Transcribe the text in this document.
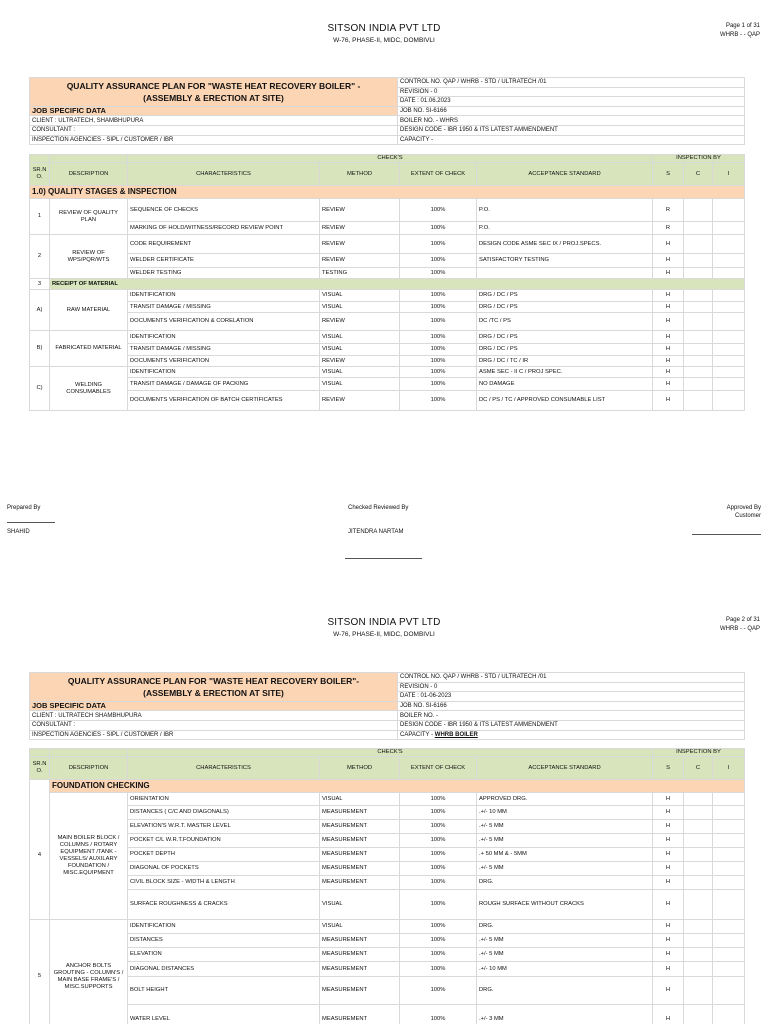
SITSON INDIA PVT LTD
W-76, PHASE-II, MIDC, DOMBIVLI
Page 1 of 31
WHRB - - QAP
QUALITY ASSURANCE PLAN FOR "WASTE HEAT RECOVERY BOILER" -
(ASSEMBLY & ERECTION AT SITE)	CONTROL NO. QAP / WHRB - STD / ULTRATECH /01
	REVISION - 0
	DATE : 01.06.2023
JOB SPECIFIC DATA	JOB NO. SI-6166
CLIENT : ULTRATECH, SHAMBHUPURA	BOILER NO. - WHRS
CONSULTANT :	DESIGN CODE - IBR 1950 & ITS LATEST AMMENDMENT
INSPECTION AGENCIES - SIPL / CUSTOMER / IBR	CAPACITY -
		CHECK'S				INSPECTION BY		
SR.N O.	DESCRIPTION	CHARACTERISTICS	METHOD	EXTENT OF CHECK	ACCEPTANCE STANDARD	S	C	I
1.0) QUALITY STAGES & INSPECTION								
1	REVIEW OF QUALITY PLAN	SEQUENCE OF CHECKS	REVIEW	100%	P.O.	R		
		MARKING OF HOLD/WITNESS/RECORD REVIEW POINT	REVIEW	100%	P.O.	R		
2	REVIEW OF WPS/PQR/WTS	CODE REQUIREMENT	REVIEW	100%	DESIGN CODE ASME SEC IX / PROJ.SPECS.	H		
		WELDER CERTIFICATE	REVIEW	100%	SATISFACTORY TESTING	H		
		WELDER TESTING	TESTING	100%		H		
3	RECEIPT OF MATERIAL							
A)	RAW MATERIAL	IDENTIFICATION	VISUAL	100%	DRG / DC / PS	H		
		TRANSIT DAMAGE / MISSING	VISUAL	100%	DRG / DC / PS	H		
		DOCUMENTS VERIFICATION & CORELATION	REVIEW	100%	DC /TC / PS	H		
B)	FABRICATED MATERIAL	IDENTIFICATION	VISUAL	100%	DRG / DC / PS	H		
		TRANSIT DAMAGE / MISSING	VISUAL	100%	DRG / DC / PS	H		
		DOCUMENTS VERIFICATION	REVIEW	100%	DRG / DC / TC / IR	H		
C)	WELDING CONSUMABLES	IDENTIFICATION	VISUAL	100%	ASME SEC - II C / PROJ SPEC.	H		
		TRANSIT DAMAGE / DAMAGE OF PACKING	VISUAL	100%	NO DAMAGE	H		
		DOCUMENTS VERIFICATION OF BATCH CERTIFICATES	REVIEW	100%	DC / PS / TC / APPROVED CONSUMABLE LIST	H		
Prepared By
SHAHID
Checked Reviewed By
JITENDRA NARTAM
Approved By
Customer
SITSON INDIA PVT LTD
W-76, PHASE-II, MIDC, DOMBIVLI
Page 2 of 31
WHRB - - QAP
QUALITY ASSURANCE PLAN FOR "WASTE HEAT RECOVERY BOILER"-
(ASSEMBLY & ERECTION AT SITE)	CONTROL NO. QAP / WHRB - STD / ULTRATECH /01
	REVISION - 0
	DATE : 01-06-2023
JOB SPECIFIC DATA	JOB NO. SI-6166
CLIENT : ULTRATECH SHAMBHUPURA	BOILER NO. -
CONSULTANT :	DESIGN CODE - IBR 1950 & ITS LATEST AMMENDMENT
INSPECTION AGENCIES - SIPL / CUSTOMER / IBR	CAPACITY - WHRB BOILER
		CHECK'S				INSPECTION BY		
SR.N O.	DESCRIPTION	CHARACTERISTICS	METHOD	EXTENT OF CHECK	ACCEPTANCE STANDARD	S	C	I
	FOUNDATION CHECKING							
4	MAIN BOILER BLOCK / COLUMNS / ROTARY EQUIPMENT /TANK - VESSELS/ AUXILARY FOUNDATION / MISC.EQUIPMENT	ORIENTATION	VISUAL	100%	APPROVED DRG.	H		
		DISTANCES ( C/C AND DIAGONALS)	MEASUREMENT	100%	.+/- 10 MM	H		
		ELEVATION'S W.R.T. MASTER LEVEL	MEASUREMENT	100%	.+/- 5 MM	H		
		POCKET C/L W.R.T.FOUNDATION	MEASUREMENT	100%	.+/- 5 MM	H		
		POCKET DEPTH	MEASUREMENT	100%	.+ 50 MM & - 5MM	H		
		DIAGONAL OF POCKETS	MEASUREMENT	100%	.+/- 5 MM	H		
		CIVIL BLOCK SIZE - WIDTH & LENGTH	MEASUREMENT	100%	DRG.	H		
		SURFACE ROUGHNESS & CRACKS	VISUAL	100%	ROUGH SURFACE WITHOUT CRACKS	H		
5	ANCHOR BOLTS GROUTING - COLUMN'S / MAIN BASE FRAME'S / MISC.SUPPORTS	IDENTIFICATION	VISUAL	100%	DRG.	H		
		DISTANCES	MEASUREMENT	100%	.+/- 5 MM	H		
		ELEVATION	MEASUREMENT	100%	.+/- 5 MM	H		
		DIAGONAL DISTANCES	MEASUREMENT	100%	.+/- 10 MM	H		
		BOLT HEIGHT	MEASUREMENT	100%	DRG.	H		
		WATER LEVEL	MEASUREMENT	100%	.+/- 3 MM	H		
